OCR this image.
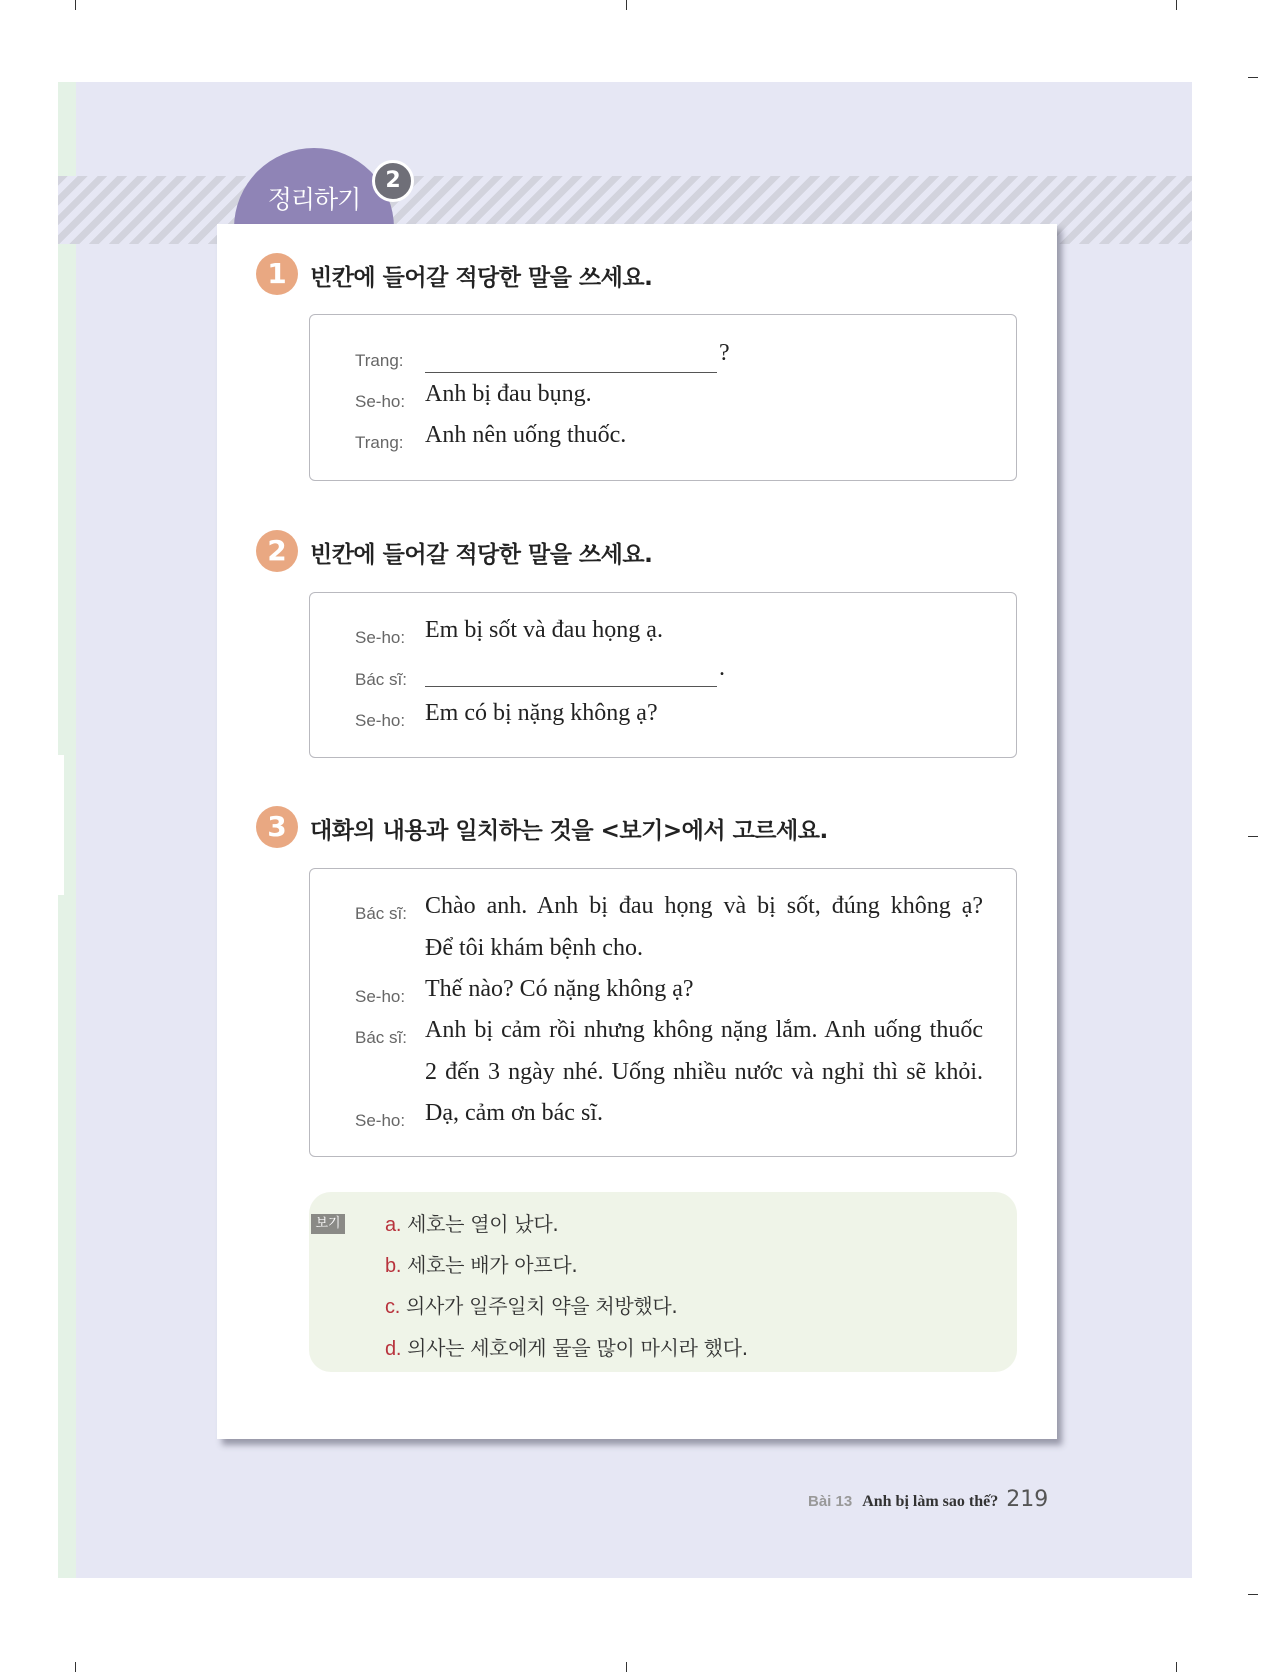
정리하기
2
1	빈칸에 들어갈 적당한 말을 쓰세요.
Trang:	?
Se-ho: Anh bị đau bụng.
Trang: Anh nên uống thuốc.
2	빈칸에 들어갈 적당한 말을 쓰세요.
Se-ho: Em bị sốt và đau họng ạ.
Bác sĩ:	.
Se-ho: Em có bị nặng không ạ?
3	대화의 내용과 일치하는 것을 <보기>에서 고르세요.
Bác sĩ: Chào anh. Anh bị đau họng và bị sốt, đúng không ạ?
Để tôi khám bệnh cho.
Se-ho: Thế nào? Có nặng không ạ?
Bác sĩ: Anh bị cảm rồi nhưng không nặng lắm. Anh uống thuốc
2 đến 3 ngày nhé. Uống nhiều nước và nghỉ thì sẽ khỏi.
Se-ho: Dạ, cảm ơn bác sĩ.
보기 a. 세호는 열이 났다.
b. 세호는 배가 아프다.
c. 의사가 일주일치 약을 처방했다.
d. 의사는 세호에게 물을 많이 마시라 했다.
Bài 13 Anh bị làm sao thế? 219
